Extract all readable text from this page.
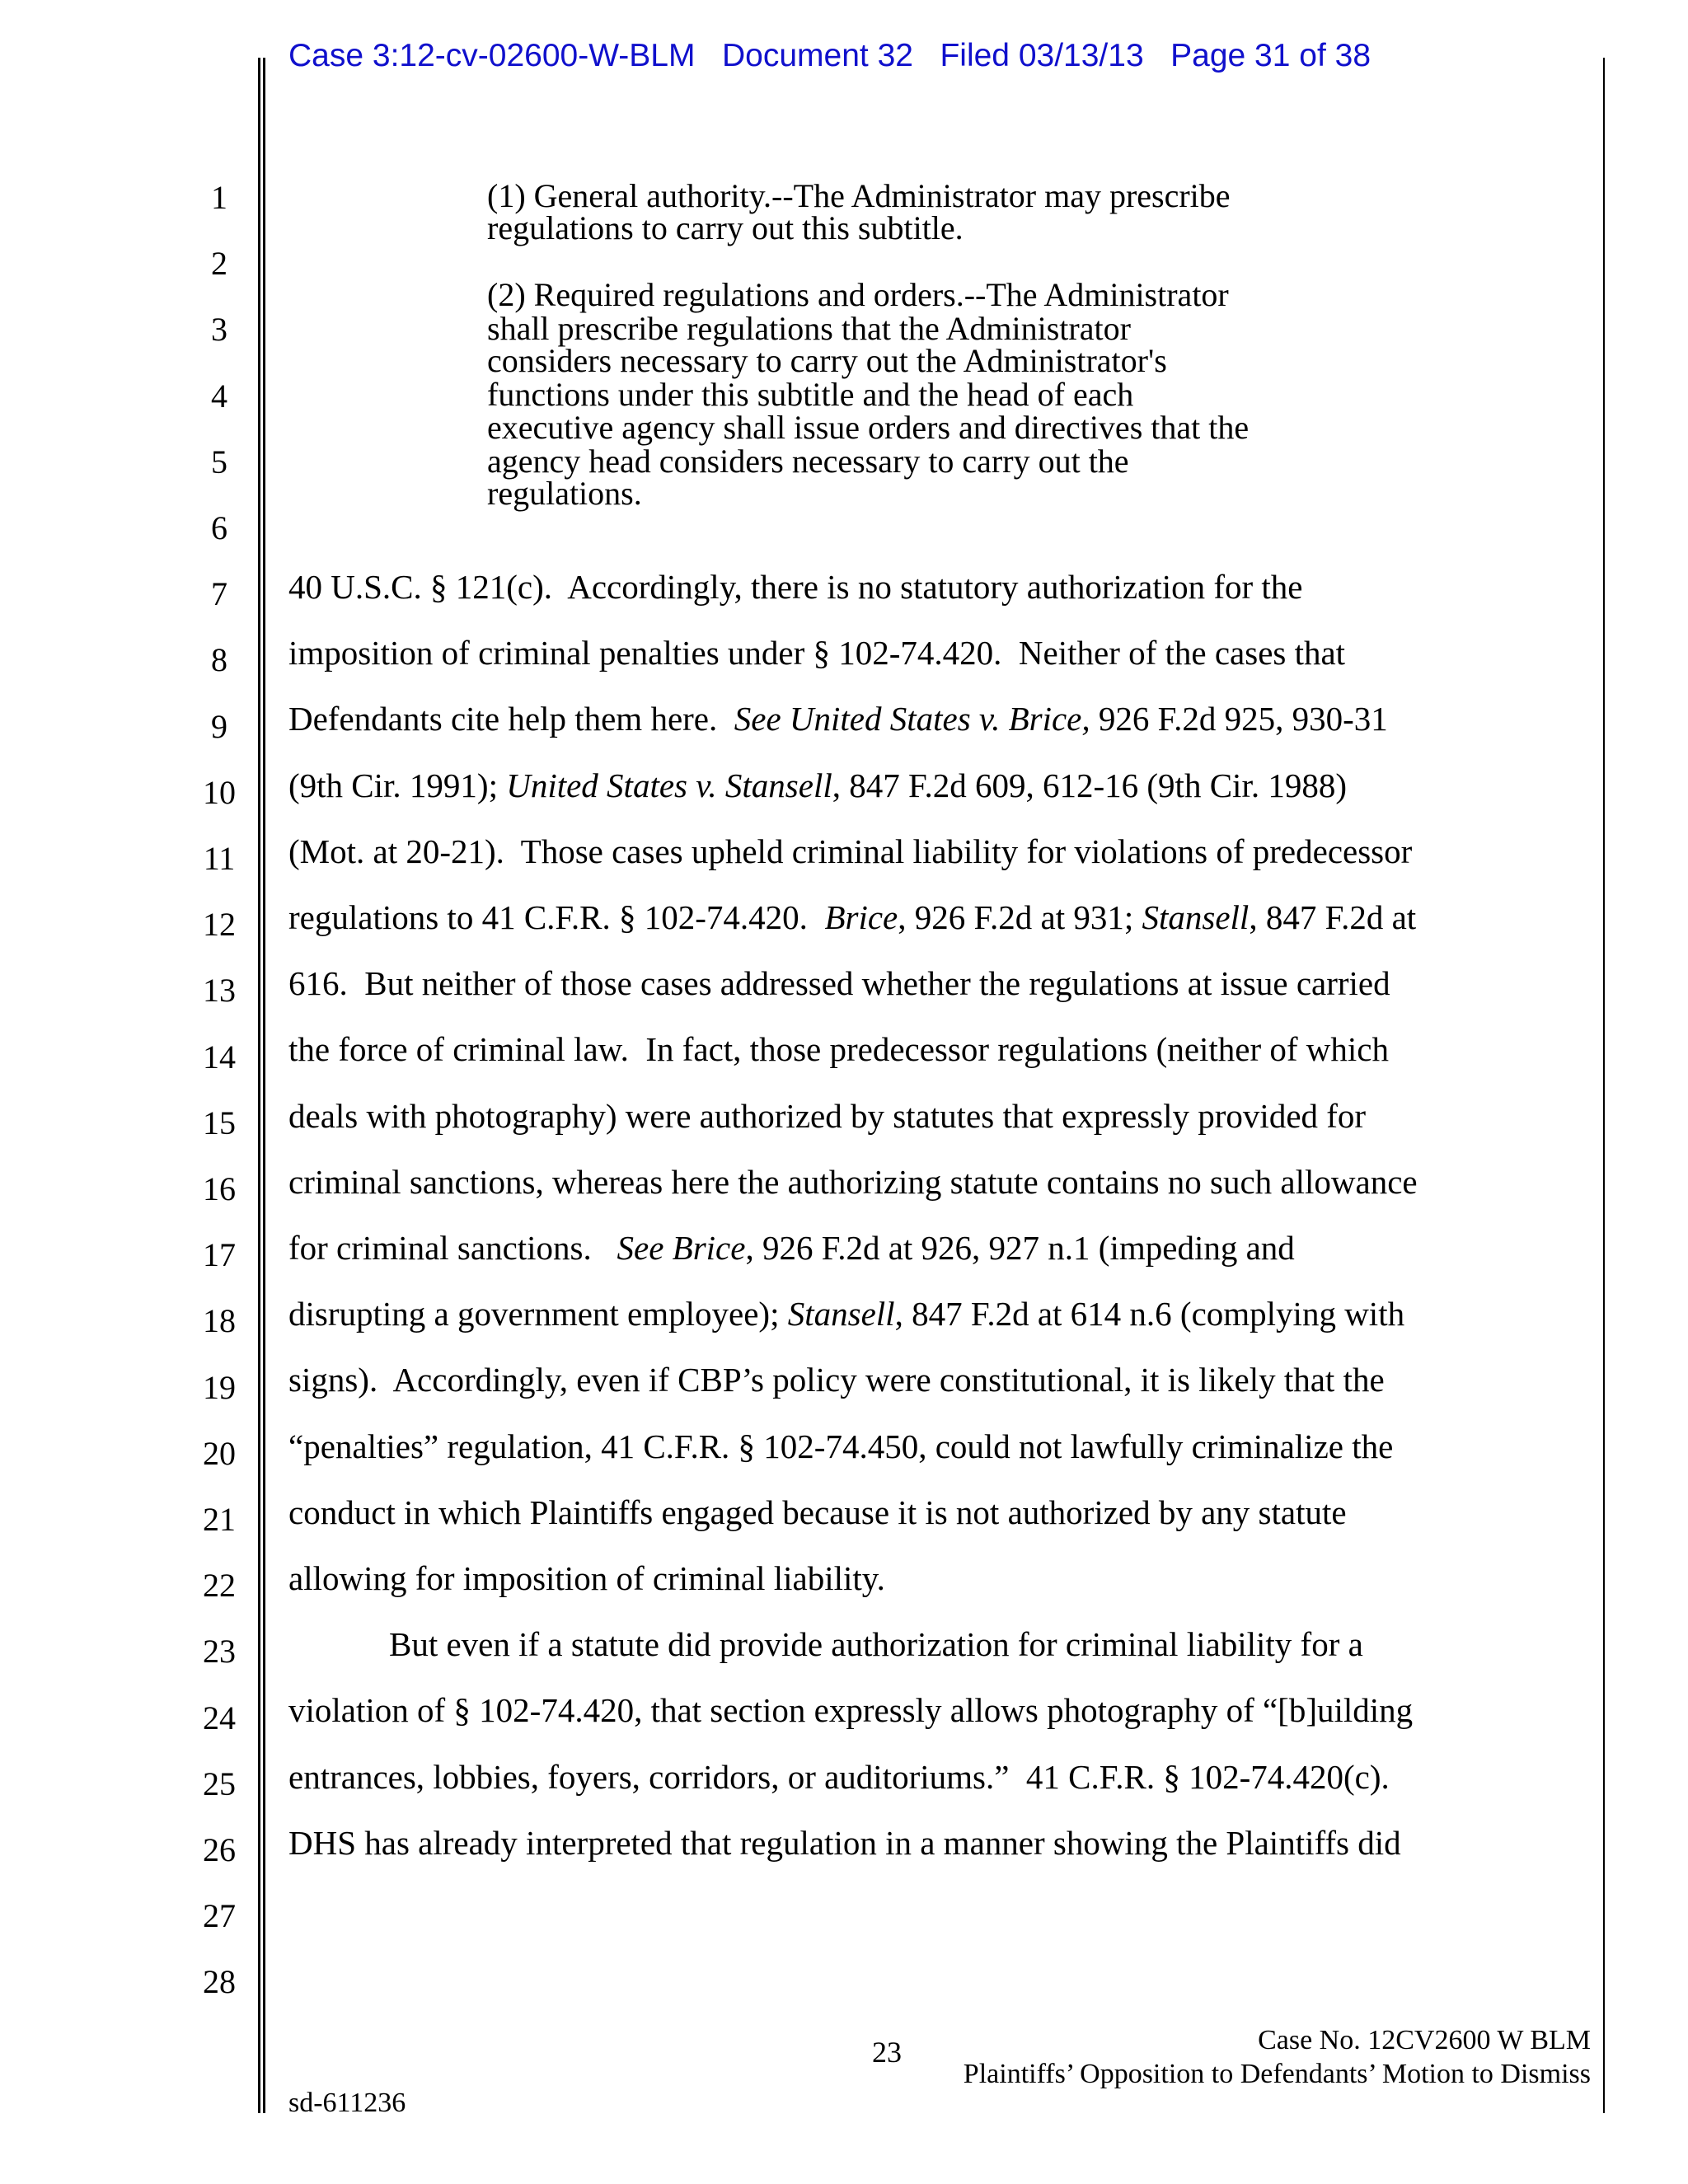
Case 3:12-cv-02600-W-BLM   Document 32   Filed 03/13/13   Page 31 of 38
1
2
3
4
5
6
7
8
9
10
11
12
13
14
15
16
17
18
19
20
21
22
23
24
25
26
27
28
(1) General authority.--The Administrator may prescribe
regulations to carry out this subtitle.
(2) Required regulations and orders.--The Administrator
shall prescribe regulations that the Administrator
considers necessary to carry out the Administrator's
functions under this subtitle and the head of each
executive agency shall issue orders and directives that the
agency head considers necessary to carry out the
regulations.
40 U.S.C. § 121(c).  Accordingly, there is no statutory authorization for the
imposition of criminal penalties under § 102-74.420.  Neither of the cases that
Defendants cite help them here.  See United States v. Brice, 926 F.2d 925, 930-31
(9th Cir. 1991); United States v. Stansell, 847 F.2d 609, 612-16 (9th Cir. 1988)
(Mot. at 20-21).  Those cases upheld criminal liability for violations of predecessor
regulations to 41 C.F.R. § 102-74.420.  Brice, 926 F.2d at 931; Stansell, 847 F.2d at
616.  But neither of those cases addressed whether the regulations at issue carried
the force of criminal law.  In fact, those predecessor regulations (neither of which
deals with photography) were authorized by statutes that expressly provided for
criminal sanctions, whereas here the authorizing statute contains no such allowance
for criminal sanctions.   See Brice, 926 F.2d at 926, 927 n.1 (impeding and
disrupting a government employee); Stansell, 847 F.2d at 614 n.6 (complying with
signs).  Accordingly, even if CBP’s policy were constitutional, it is likely that the
“penalties” regulation, 41 C.F.R. § 102-74.450, could not lawfully criminalize the
conduct in which Plaintiffs engaged because it is not authorized by any statute
allowing for imposition of criminal liability.
But even if a statute did provide authorization for criminal liability for a
violation of § 102-74.420, that section expressly allows photography of “[b]uilding
entrances, lobbies, foyers, corridors, or auditoriums.”  41 C.F.R. § 102-74.420(c).
DHS has already interpreted that regulation in a manner showing the Plaintiffs did
23	Case No. 12CV2600 W BLM
Plaintiffs’ Opposition to Defendants’ Motion to Dismiss
sd-611236
